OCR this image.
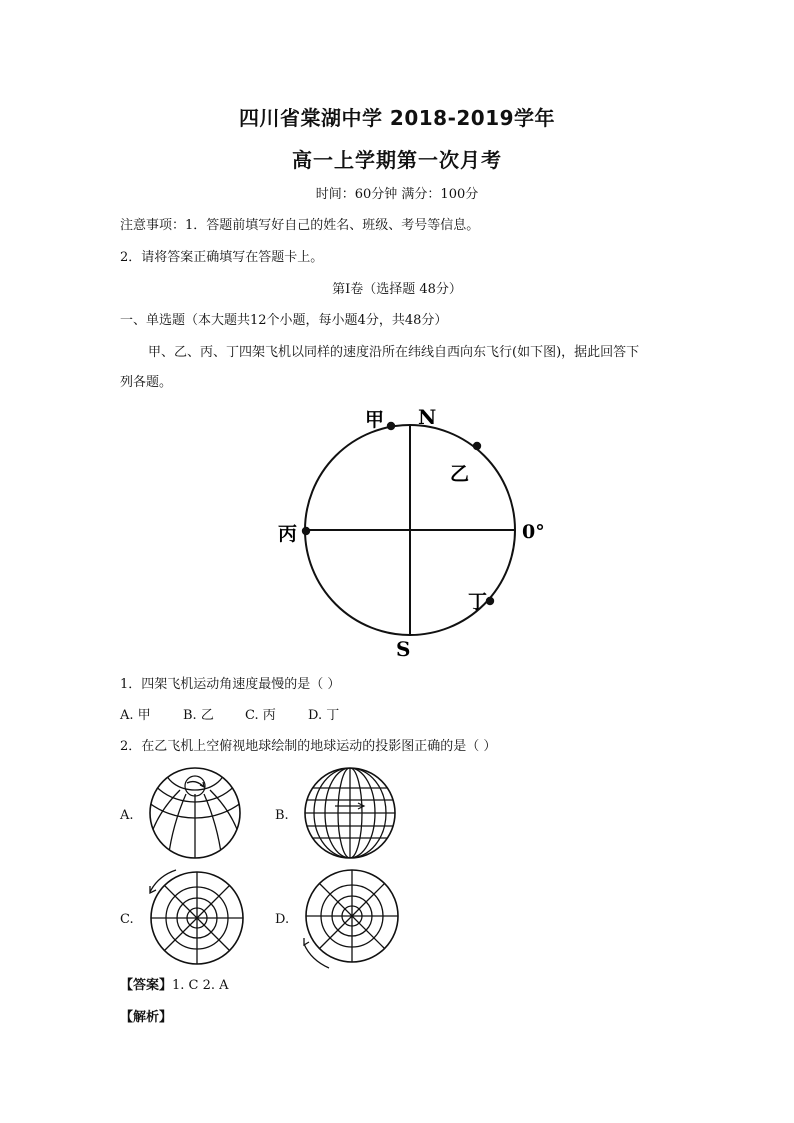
四川省棠湖中学 2018-2019学年
高一上学期第一次月考
时间：60分钟 满分：100分
注意事项：1．答题前填写好自己的姓名、班级、考号等信息。
2．请将答案正确填写在答题卡上。
第Ⅰ卷（选择题 48分）
一、单选题（本大题共12个小题，每小题4分，共48分）
甲、乙、丙、丁四架飞机以同样的速度沿所在纬线自西向东飞行(如下图)，据此回答下
列各题。
甲 N
乙
丙	0°
丁
S
1．四架飞机运动角速度最慢的是（ ）
A. 甲 B. 乙 C. 丙 D. 丁
2．在乙飞机上空俯视地球绘制的地球运动的投影图正确的是（ ）
A.	B.
C.	D.
【答案】1. C 2. A
【解析】
